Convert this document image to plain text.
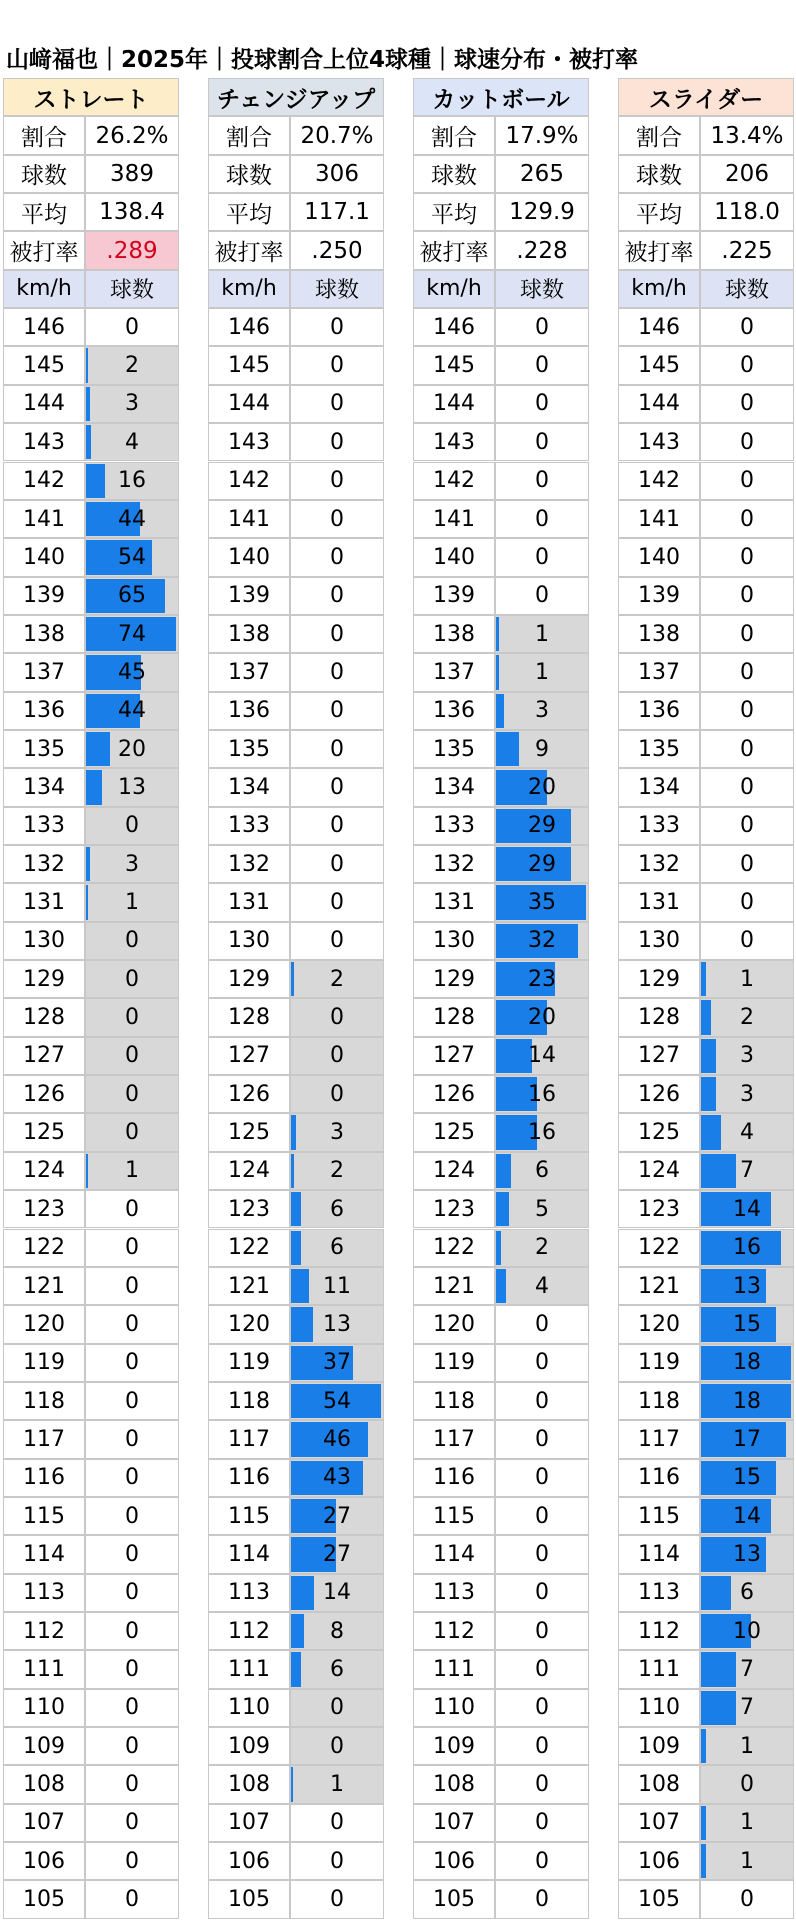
山﨑福也｜2025年｜投球割合上位4球種｜球速分布・被打率
ストレート
割合	26.2%
球数	389
平均	138.4
被打率	.289
km/h	球数
146	0
145	2
144	3
143	4
142	16
141	44
140	54
139	65
138	74
137	45
136	44
135	20
134	13
133	0
132	3
131	1
130	0
129	0
128	0
127	0
126	0
125	0
124	1
123	0
122	0
121	0
120	0
119	0
118	0
117	0
116	0
115	0
114	0
113	0
112	0
111	0
110	0
109	0
108	0
107	0
106	0
105	0
チェンジアップ
割合	20.7%
球数	306
平均	117.1
被打率	.250
km/h	球数
146	0
145	0
144	0
143	0
142	0
141	0
140	0
139	0
138	0
137	0
136	0
135	0
134	0
133	0
132	0
131	0
130	0
129	2
128	0
127	0
126	0
125	3
124	2
123	6
122	6
121	11
120	13
119	37
118	54
117	46
116	43
115	27
114	27
113	14
112	8
111	6
110	0
109	0
108	1
107	0
106	0
105	0
カットボール
割合	17.9%
球数	265
平均	129.9
被打率	.228
km/h	球数
146	0
145	0
144	0
143	0
142	0
141	0
140	0
139	0
138	1
137	1
136	3
135	9
134	20
133	29
132	29
131	35
130	32
129	23
128	20
127	14
126	16
125	16
124	6
123	5
122	2
121	4
120	0
119	0
118	0
117	0
116	0
115	0
114	0
113	0
112	0
111	0
110	0
109	0
108	0
107	0
106	0
105	0
スライダー
割合	13.4%
球数	206
平均	118.0
被打率	.225
km/h	球数
146	0
145	0
144	0
143	0
142	0
141	0
140	0
139	0
138	0
137	0
136	0
135	0
134	0
133	0
132	0
131	0
130	0
129	1
128	2
127	3
126	3
125	4
124	7
123	14
122	16
121	13
120	15
119	18
118	18
117	17
116	15
115	14
114	13
113	6
112	10
111	7
110	7
109	1
108	0
107	1
106	1
105	0
